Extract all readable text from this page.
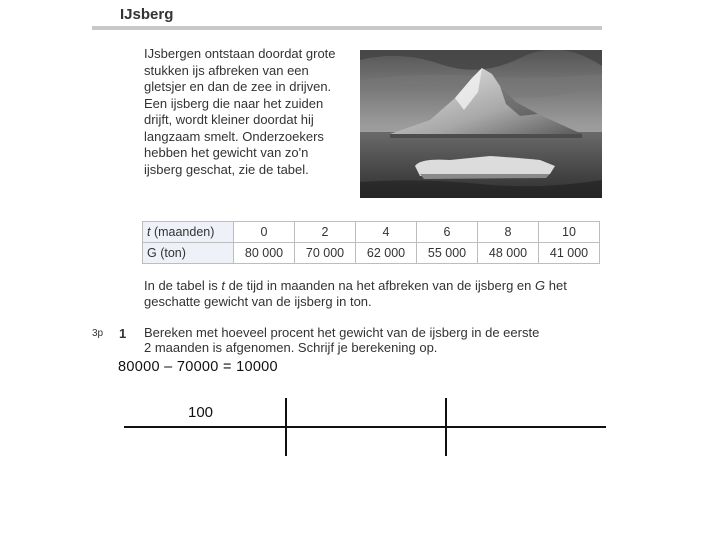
IJsberg
IJsbergen ontstaan doordat grote
stukken ijs afbreken van een
gletsjer en dan de zee in drijven.
Een ijsberg die naar het zuiden
drijft, wordt kleiner doordat hij
langzaam smelt. Onderzoekers
hebben het gewicht van zo'n
ijsberg geschat, zie de tabel.
t (maanden)	0	2	4	6	8	10
G (ton)	80 000	70 000	62 000	55 000	48 000	41 000
In de tabel is t de tijd in maanden na het afbreken van de ijsberg en G het
geschatte gewicht van de ijsberg in ton.
3p 1 Bereken met hoeveel procent het gewicht van de ijsberg in de eerste
2 maanden is afgenomen. Schrijf je berekening op.
80000 – 70000 = 10000
100
